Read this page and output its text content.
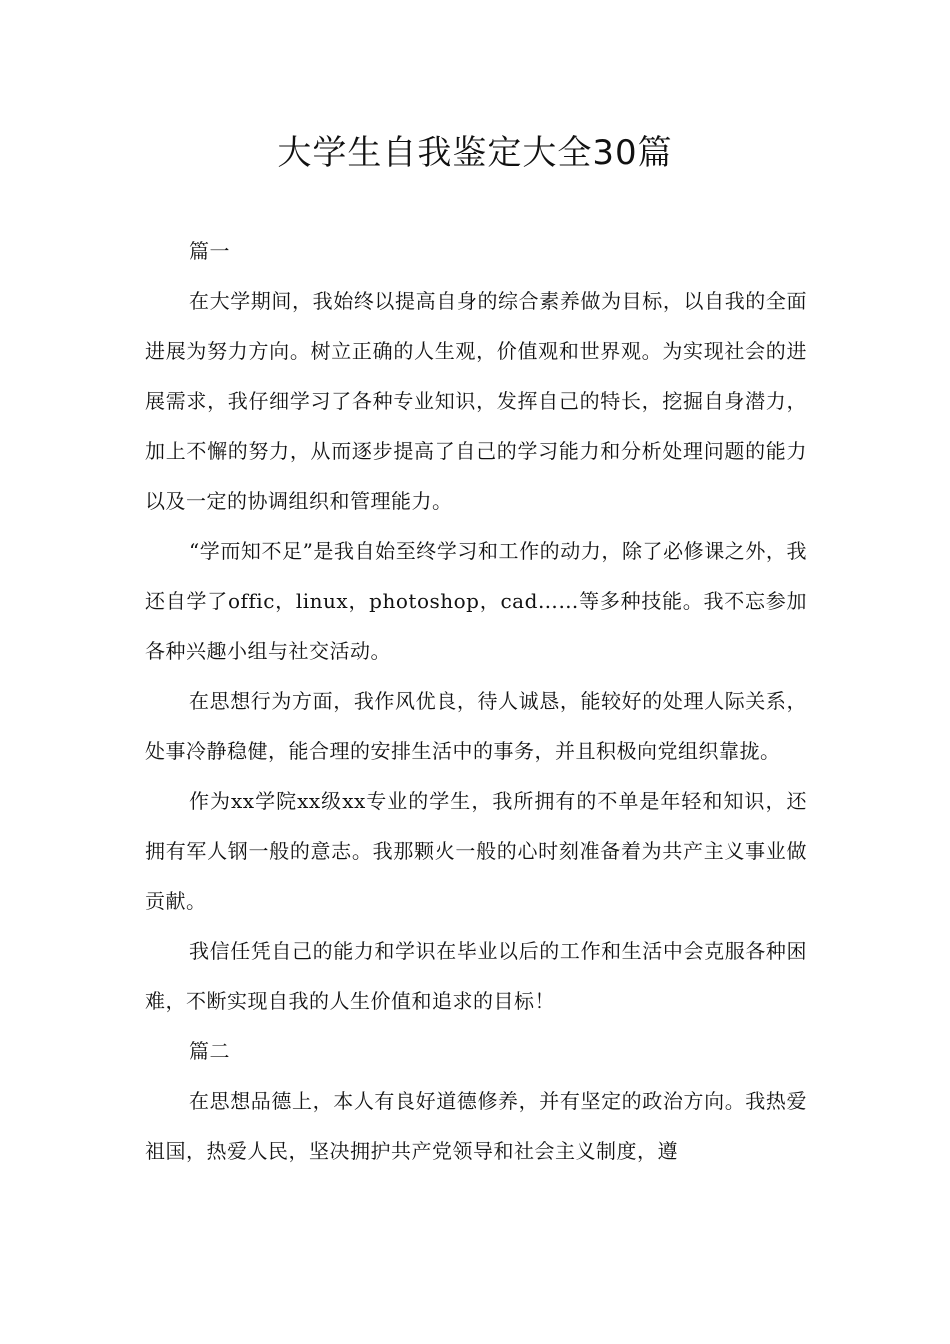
大学生自我鉴定大全30篇

篇一

在大学期间，我始终以提高自身的综合素养做为目标，以自我的全面进展为努力方向。树立正确的人生观，价值观和世界观。为实现社会的进展需求，我仔细学习了各种专业知识，发挥自己的特长，挖掘自身潜力，加上不懈的努力，从而逐步提高了自己的学习能力和分析处理问题的能力以及一定的协调组织和管理能力。

“学而知不足”是我自始至终学习和工作的动力，除了必修课之外，我还自学了offic，linux，photoshop，cad……等多种技能。我不忘参加各种兴趣小组与社交活动。

在思想行为方面，我作风优良，待人诚恳，能较好的处理人际关系，处事冷静稳健，能合理的安排生活中的事务，并且积极向党组织靠拢。

作为xx学院xx级xx专业的学生，我所拥有的不单是年轻和知识，还拥有军人钢一般的意志。我那颗火一般的心时刻准备着为共产主义事业做贡献。

我信任凭自己的能力和学识在毕业以后的工作和生活中会克服各种困难，不断实现自我的人生价值和追求的目标！

篇二

在思想品德上，本人有良好道德修养，并有坚定的政治方向。我热爱祖国，热爱人民，坚决拥护共产党领导和社会主义制度，遵
